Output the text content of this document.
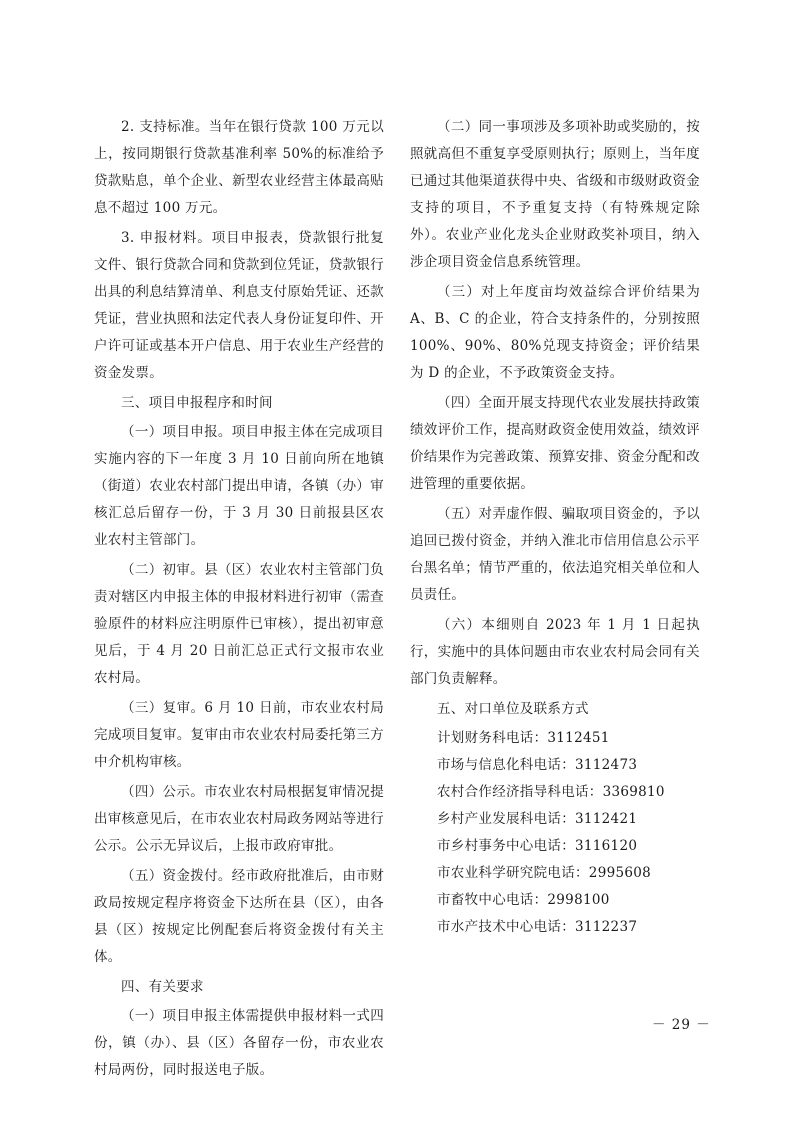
2. 支持标准。当年在银行贷款 100 万元以上，按同期银行贷款基准利率 50%的标准给予贷款贴息，单个企业、新型农业经营主体最高贴息不超过 100 万元。

3. 申报材料。项目申报表，贷款银行批复文件、银行贷款合同和贷款到位凭证，贷款银行出具的利息结算清单、利息支付原始凭证、还款凭证，营业执照和法定代表人身份证复印件、开户许可证或基本开户信息、用于农业生产经营的资金发票。

三、项目申报程序和时间

（一）项目申报。项目申报主体在完成项目实施内容的下一年度 3 月 10 日前向所在地镇（街道）农业农村部门提出申请，各镇（办）审核汇总后留存一份，于 3 月 30 日前报县区农业农村主管部门。

（二）初审。县（区）农业农村主管部门负责对辖区内申报主体的申报材料进行初审（需查验原件的材料应注明原件已审核），提出初审意见后，于 4 月 20 日前汇总正式行文报市农业农村局。

（三）复审。6 月 10 日前，市农业农村局完成项目复审。复审由市农业农村局委托第三方中介机构审核。

（四）公示。市农业农村局根据复审情况提出审核意见后，在市农业农村局政务网站等进行公示。公示无异议后，上报市政府审批。

（五）资金拨付。经市政府批准后，由市财政局按规定程序将资金下达所在县（区），由各县（区）按规定比例配套后将资金拨付有关主体。

四、有关要求

（一）项目申报主体需提供申报材料一式四份，镇（办）、县（区）各留存一份，市农业农村局两份，同时报送电子版。

（二）同一事项涉及多项补助或奖励的，按照就高但不重复享受原则执行；原则上，当年度已通过其他渠道获得中央、省级和市级财政资金支持的项目，不予重复支持（有特殊规定除外）。农业产业化龙头企业财政奖补项目，纳入涉企项目资金信息系统管理。

（三）对上年度亩均效益综合评价结果为 A、B、C 的企业，符合支持条件的，分别按照 100%、90%、80%兑现支持资金；评价结果为 D 的企业，不予政策资金支持。

（四）全面开展支持现代农业发展扶持政策绩效评价工作，提高财政资金使用效益，绩效评价结果作为完善政策、预算安排、资金分配和改进管理的重要依据。

（五）对弄虚作假、骗取项目资金的，予以追回已拨付资金，并纳入淮北市信用信息公示平台黑名单；情节严重的，依法追究相关单位和人员责任。

（六）本细则自 2023 年 1 月 1 日起执行，实施中的具体问题由市农业农村局会同有关部门负责解释。

五、对口单位及联系方式

计划财务科电话：3112451

市场与信息化科电话：3112473

农村合作经济指导科电话：3369810

乡村产业发展科电话：3112421

市乡村事务中心电话：3116120

市农业科学研究院电话：2995608

市畜牧中心电话：2998100

市水产技术中心电话：3112237

－ 29 －
